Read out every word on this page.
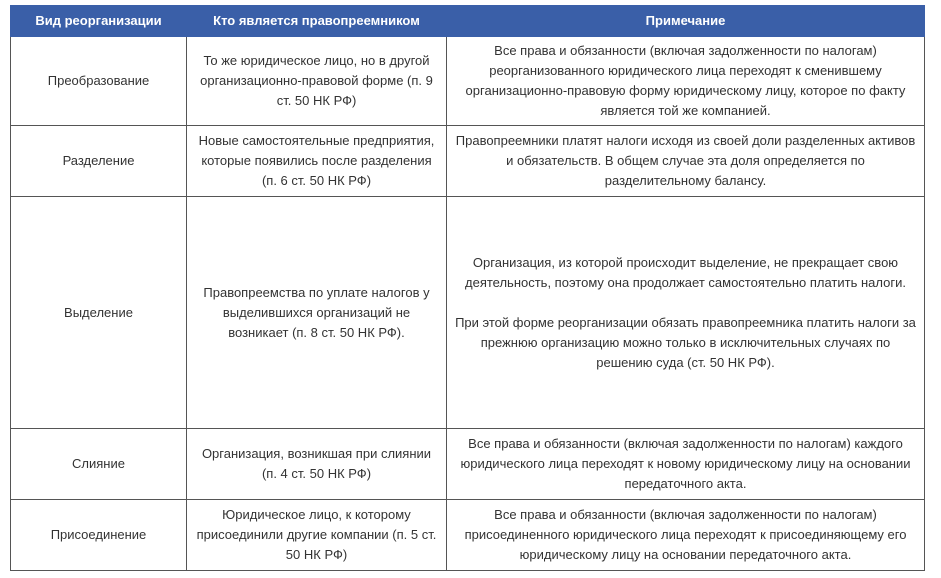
Вид реорганизации	Кто является правопреемником	Примечание
Преобразование	То же юридическое лицо, но в другой организационно-правовой форме (п. 9 ст. 50 НК РФ)	Все права и обязанности (включая задолженности по налогам) реорганизованного юридического лица переходят к сменившему организационно-правовую форму юридическому лицу, которое по факту является той же компанией.

Разделение	Новые самостоятельные предприятия, которые появились после разделения (п. 6 ст. 50 НК РФ)	Правопреемники платят налоги исходя из своей доли разделенных активов и обязательств. В общем случае эта доля определяется по разделительному балансу.

Выделение	Правопреемства по уплате налогов у выделившихся организаций не возникает (п. 8 ст. 50 НК РФ).	Организация, из которой происходит выделение, не прекращает свою деятельность, поэтому она продолжает самостоятельно платить налоги.

При этой форме реорганизации обязать правопреемника платить налоги за прежнюю организацию можно только в исключительных случаях по решению суда (ст. 50 НК РФ).

Слияние	Организация, возникшая при слиянии (п. 4 ст. 50 НК РФ)	Все права и обязанности (включая задолженности по налогам) каждого юридического лица переходят к новому юридическому лицу на основании передаточного акта.

Присоединение	Юридическое лицо, к которому присоединили другие компании (п. 5 ст. 50 НК РФ)	Все права и обязанности (включая задолженности по налогам) присоединенного юридического лица переходят к присоединяющему его юридическому лицу на основании передаточного акта.
